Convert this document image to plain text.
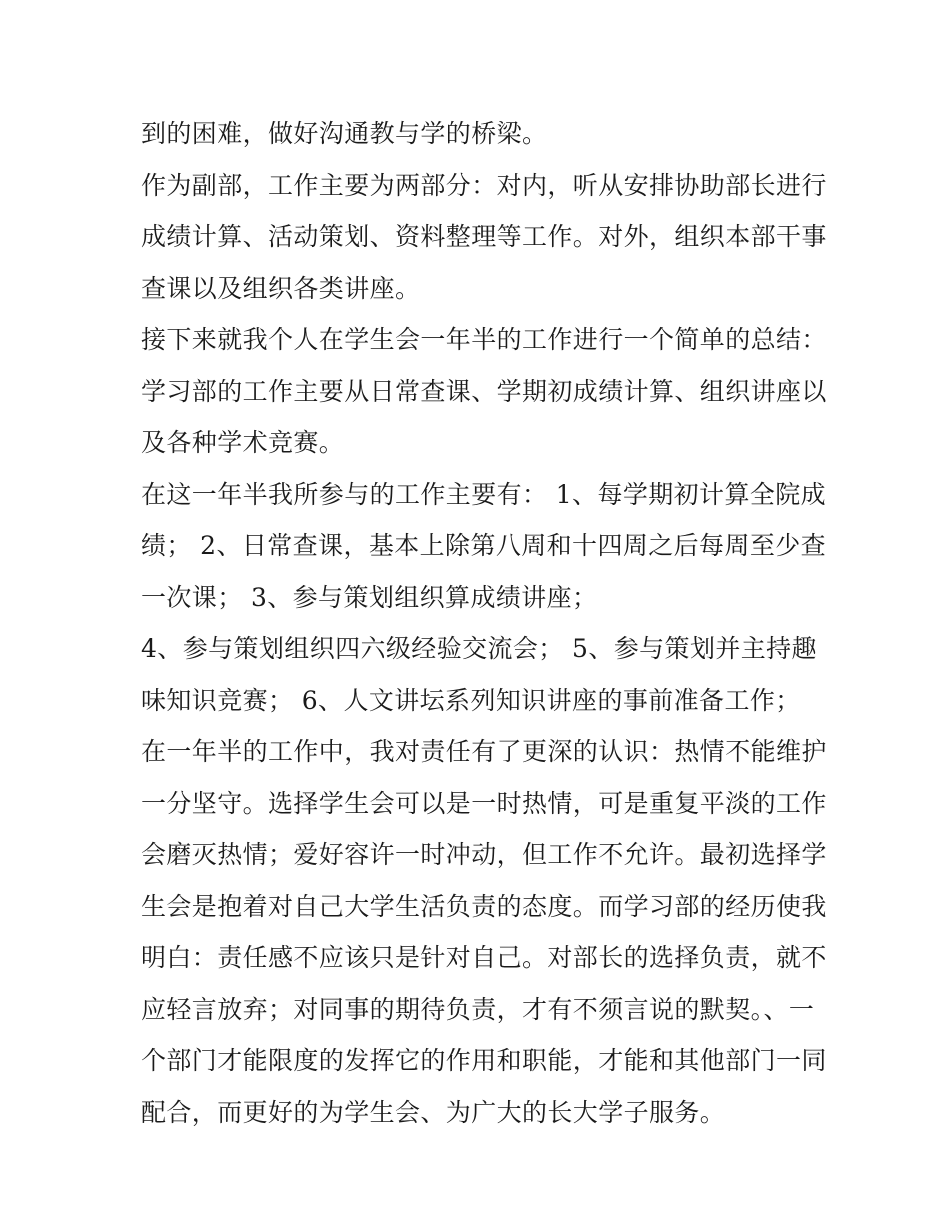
到的困难，做好沟通教与学的桥梁。

作为副部，工作主要为两部分：对内，听从安排协助部长进行
成绩计算、活动策划、资料整理等工作。对外，组织本部干事
查课以及组织各类讲座。

接下来就我个人在学生会一年半的工作进行一个简单的总结：

学习部的工作主要从日常查课、学期初成绩计算、组织讲座以
及各种学术竞赛。

在这一年半我所参与的工作主要有： 1、每学期初计算全院成
绩； 2、日常查课，基本上除第八周和十四周之后每周至少查
一次课； 3、参与策划组织算成绩讲座；

4、参与策划组织四六级经验交流会； 5、参与策划并主持趣
味知识竞赛； 6、人文讲坛系列知识讲座的事前准备工作；

在一年半的工作中，我对责任有了更深的认识：热情不能维护
一分坚守。选择学生会可以是一时热情，可是重复平淡的工作
会磨灭热情；爱好容许一时冲动，但工作不允许。最初选择学
生会是抱着对自己大学生活负责的态度。而学习部的经历使我
明白：责任感不应该只是针对自己。对部长的选择负责，就不
应轻言放弃；对同事的期待负责，才有不须言说的默契。、一
个部门才能限度的发挥它的作用和职能，才能和其他部门一同
配合，而更好的为学生会、为广大的长大学子服务。
